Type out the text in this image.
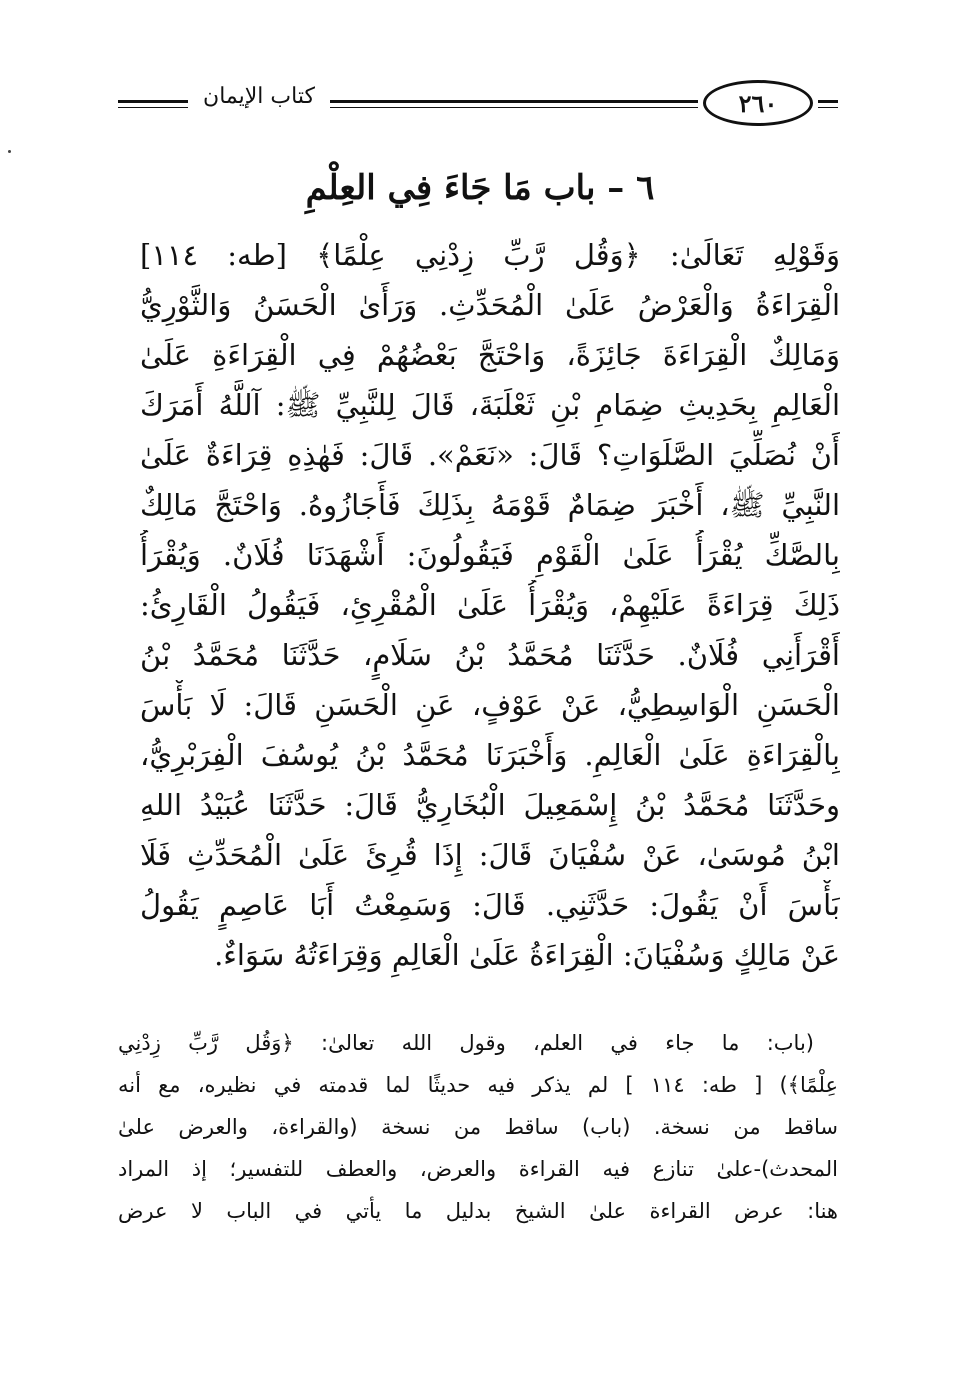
كتاب الإيمان	٢٦٠
٦ – باب مَا جَاءَ فِي العِلْمِ
وَقَوْلِهِ تَعَالَىٰ: ﴿وَقُل رَّبِّ زِدْنِي عِلْمًا﴾ [طه: ١١٤]
الْقِرَاءَةُ وَالْعَرْضُ عَلَىٰ الْمُحَدِّثِ. وَرَأَىٰ الْحَسَنُ وَالثَّوْرِيُّ
وَمَالِكٌ الْقِرَاءَةَ جَائِزَةً، وَاحْتَجَّ بَعْضُهُمْ فِي الْقِرَاءَةِ عَلَىٰ
الْعَالِمِ بِحَدِيثِ ضِمَامِ بْنِ ثَعْلَبَةَ، قَالَ لِلنَّبِيِّ ﷺ: آللَّهُ أَمَرَكَ
أَنْ نُصَلِّيَ الصَّلَوَاتِ؟ قَالَ: «نَعَمْ». قَالَ: فَهٰذِهِ قِرَاءَةٌ عَلَىٰ
النَّبِيِّ ﷺ، أَخْبَرَ ضِمَامٌ قَوْمَهُ بِذَلِكَ فَأَجَازُوهُ. وَاحْتَجَّ مَالِكٌ
بِالصَّكِّ يُقْرَأُ عَلَىٰ الْقَوْمِ فَيَقُولُونَ: أَشْهَدَنَا فُلَانٌ. وَيُقْرَأُ
ذَلِكَ قِرَاءَةً عَلَيْهِمْ، وَيُقْرَأُ عَلَىٰ الْمُقْرِئِ، فَيَقُولُ الْقَارِئُ:
أَقْرَأَنِي فُلَانٌ. حَدَّثَنَا مُحَمَّدُ بْنُ سَلَامٍ، حَدَّثَنَا مُحَمَّدُ بْنُ
الْحَسَنِ الْوَاسِطِيُّ، عَنْ عَوْفٍ، عَنِ الْحَسَنِ قَالَ: لَا بَأْسَ
بِالْقِرَاءَةِ عَلَىٰ الْعَالِمِ. وَأَخْبَرَنَا مُحَمَّدُ بْنُ يُوسُفَ الْفِرَبْرِيُّ،
وحَدَّثَنَا مُحَمَّدُ بْنُ إِسْمَعِيلَ الْبُخَارِيُّ قَالَ: حَدَّثَنَا عُبَيْدُ اللهِ
ابْنُ مُوسَىٰ، عَنْ سُفْيَانَ قَالَ: إِذَا قُرِئَ عَلَىٰ الْمُحَدِّثِ فَلَا
بَأْسَ أَنْ يَقُولَ: حَدَّثَنِي. قَالَ: وَسَمِعْتُ أَبَا عَاصِمٍ يَقُولُ
عَنْ مَالِكٍ وَسُفْيَانَ: الْقِرَاءَةُ عَلَىٰ الْعَالِمِ وَقِرَاءَتُهُ سَوَاءٌ.
(باب: ما جاء في العلم، وقول الله تعالىٰ: ﴿وَقُل رَّبِّ زِدْنِي
عِلْمًا﴾) [ طه: ١١٤ ] لم يذكر فيه حديثًا لما قدمته في نظيره، مع أنه
ساقط من نسخة. (باب) ساقط من نسخة (والقراءة، والعرض علىٰ
المحدث)-علىٰ تنازع فيه القراءة والعرض، والعطف للتفسير؛ إذ المراد
هنا: عرض القراءة علىٰ الشيخ بدليل ما يأتي في الباب لا عرض
